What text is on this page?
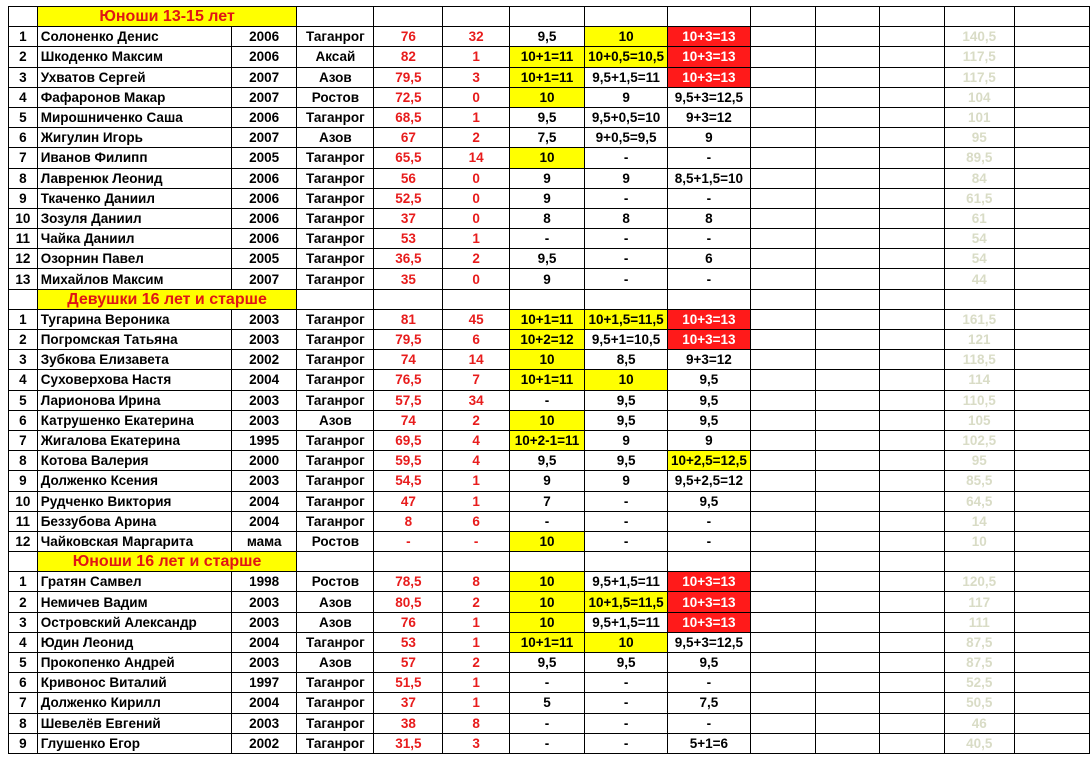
	Юноши 13-15 лет												
1	Солоненко Денис	2006	Таганрог	76	32	9,5	10	10+3=13				140,5	
2	Шкоденко Максим	2006	Аксай	82	1	10+1=11	10+0,5=10,5	10+3=13				117,5	
3	Ухватов Сергей	2007	Азов	79,5	3	10+1=11	9,5+1,5=11	10+3=13				117,5	
4	Фафаронов Макар	2007	Ростов	72,5	0	10	9	9,5+3=12,5				104	
5	Мирошниченко Саша	2006	Таганрог	68,5	1	9,5	9,5+0,5=10	9+3=12				101	
6	Жигулин Игорь	2007	Азов	67	2	7,5	9+0,5=9,5	9				95	
7	Иванов Филипп	2005	Таганрог	65,5	14	10	-	-				89,5	
8	Лавренюк Леонид	2006	Таганрог	56	0	9	9	8,5+1,5=10				84	
9	Ткаченко Даниил	2006	Таганрог	52,5	0	9	-	-				61,5	
10	Зозуля Даниил	2006	Таганрог	37	0	8	8	8				61	
11	Чайка Даниил	2006	Таганрог	53	1	-	-	-				54	
12	Озорнин Павел	2005	Таганрог	36,5	2	9,5	-	6				54	
13	Михайлов Максим	2007	Таганрог	35	0	9	-	-				44	
	Девушки 16 лет и старше												
1	Тугарина Вероника	2003	Таганрог	81	45	10+1=11	10+1,5=11,5	10+3=13				161,5	
2	Погромская Татьяна	2003	Таганрог	79,5	6	10+2=12	9,5+1=10,5	10+3=13				121	
3	Зубкова Елизавета	2002	Таганрог	74	14	10	8,5	9+3=12				118,5	
4	Суховерхова Настя	2004	Таганрог	76,5	7	10+1=11	10	9,5				114	
5	Ларионова Ирина	2003	Таганрог	57,5	34	-	9,5	9,5				110,5	
6	Катрушенко Екатерина	2003	Азов	74	2	10	9,5	9,5				105	
7	Жигалова Екатерина	1995	Таганрог	69,5	4	10+2-1=11	9	9				102,5	
8	Котова Валерия	2000	Таганрог	59,5	4	9,5	9,5	10+2,5=12,5				95	
9	Долженко Ксения	2003	Таганрог	54,5	1	9	9	9,5+2,5=12				85,5	
10	Рудченко Виктория	2004	Таганрог	47	1	7	-	9,5				64,5	
11	Беззубова Арина	2004	Таганрог	8	6	-	-	-				14	
12	Чайковская Маргарита	мама	Ростов	-	-	10	-	-				10	
	Юноши 16 лет и старше												
1	Гратян Самвел	1998	Ростов	78,5	8	10	9,5+1,5=11	10+3=13				120,5	
2	Немичев Вадим	2003	Азов	80,5	2	10	10+1,5=11,5	10+3=13				117	
3	Островский Александр	2003	Азов	76	1	10	9,5+1,5=11	10+3=13				111	
4	Юдин Леонид	2004	Таганрог	53	1	10+1=11	10	9,5+3=12,5				87,5	
5	Прокопенко Андрей	2003	Азов	57	2	9,5	9,5	9,5				87,5	
6	Кривонос Виталий	1997	Таганрог	51,5	1	-	-	-				52,5	
7	Долженко Кирилл	2004	Таганрог	37	1	5	-	7,5				50,5	
8	Шевелёв Евгений	2003	Таганрог	38	8	-	-	-				46	
9	Глушенко Егор	2002	Таганрог	31,5	3	-	-	5+1=6				40,5	
